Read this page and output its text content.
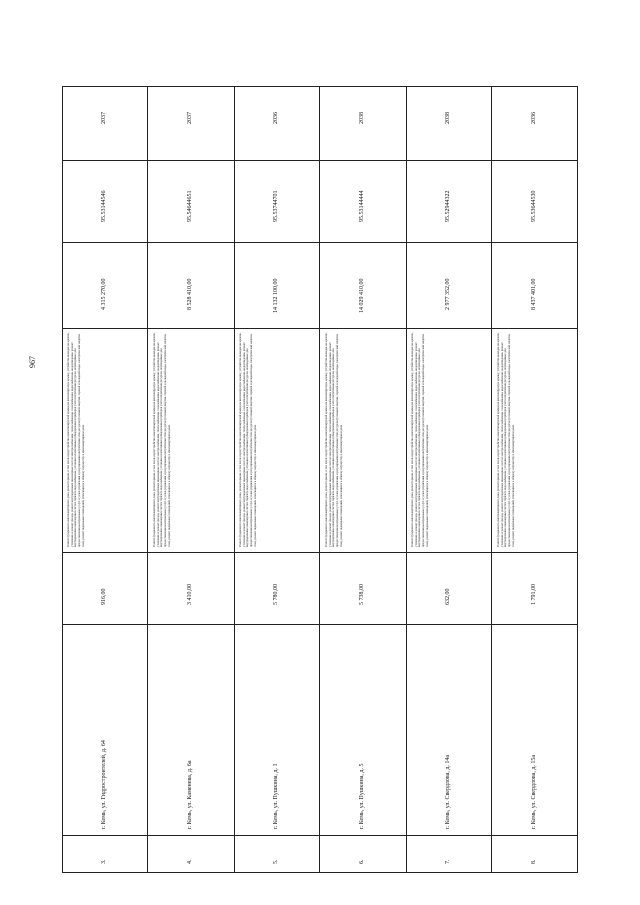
967
2037
95.53144546
4 315 270,00
Ремонт фундамента многоквартирного дома, ремонт крыши, в том числе переустройство невентилируемой крыши на вентилируемую крышу, устройство выходов на кровлю, утепление и ремонт фасада, ремонт внутридомовых инженерных систем электроснабжения, теплоснабжения, газоснабжения, водоснабжения, водоотведения, ремонт внутридомовых инженерных систем горячего водоснабжения, установка коллективных (общедомовых) приборов учета потребления ресурсов, необходимых для предоставления коммунальных услуг, и узлов управления и регулирования потребления этих ресурсов (тепловой энергии, горячей и холодной воды, электрической энергии, газа), ремонт подвальных помещений, относящихся к общему имуществу в многоквартирном доме
916,00
г. Кемь, ул. Гидростроителей, д. 64
3.
2037
95.54644651
8 528 410,00
Ремонт фундамента многоквартирного дома, ремонт крыши, в том числе переустройство невентилируемой крыши на вентилируемую крышу, устройство выходов на кровлю, утепление и ремонт фасада, ремонт внутридомовых инженерных систем электроснабжения, теплоснабжения, газоснабжения, водоснабжения, водоотведения, ремонт внутридомовых инженерных систем горячего водоснабжения, установка коллективных (общедомовых) приборов учета потребления ресурсов, необходимых для предоставления коммунальных услуг, и узлов управления и регулирования потребления этих ресурсов (тепловой энергии, горячей и холодной воды, электрической энергии, газа), ремонт подвальных помещений, относящихся к общему имуществу в многоквартирном доме
3 410,00
г. Кемь, ул. Каменева, д. 6а
4.
2036
95.53744701
14 132 100,00
Ремонт фундамента многоквартирного дома, ремонт крыши, в том числе переустройство невентилируемой крыши на вентилируемую крышу, устройство выходов на кровлю, утепление и ремонт фасада, ремонт внутридомовых инженерных систем электроснабжения, теплоснабжения, газоснабжения, водоснабжения, водоотведения, ремонт внутридомовых инженерных систем горячего водоснабжения, установка коллективных (общедомовых) приборов учета потребления ресурсов, необходимых для предоставления коммунальных услуг, и узлов управления и регулирования потребления этих ресурсов (тепловой энергии, горячей и холодной воды, электрической энергии, газа), ремонт подвальных помещений, относящихся к общему имуществу в многоквартирном доме
5 780,00
г. Кемь, ул. Пушкина, д. 1
5.
2038
95.53144444
14 029 410,00
Ремонт фундамента многоквартирного дома, ремонт крыши, в том числе переустройство невентилируемой крыши на вентилируемую крышу, устройство выходов на кровлю, утепление и ремонт фасада, ремонт внутридомовых инженерных систем электроснабжения, теплоснабжения, газоснабжения, водоснабжения, водоотведения, ремонт внутридомовых инженерных систем горячего водоснабжения, установка коллективных (общедомовых) приборов учета потребления ресурсов, необходимых для предоставления коммунальных услуг, и узлов управления и регулирования потребления этих ресурсов (тепловой энергии, горячей и холодной воды, электрической энергии, газа), ремонт подвальных помещений, относящихся к общему имуществу в многоквартирном доме
5 738,00
г. Кемь, ул. Пушкина, д. 5
6.
2038
95.52944322
2 977 352,00
Ремонт фундамента многоквартирного дома, ремонт крыши, в том числе переустройство невентилируемой крыши на вентилируемую крышу, устройство выходов на кровлю, утепление и ремонт фасада, ремонт внутридомовых инженерных систем электроснабжения, теплоснабжения, газоснабжения, водоснабжения, водоотведения, ремонт внутридомовых инженерных систем горячего водоснабжения, установка коллективных (общедомовых) приборов учета потребления ресурсов, необходимых для предоставления коммунальных услуг, и узлов управления и регулирования потребления этих ресурсов (тепловой энергии, горячей и холодной воды, электрической энергии, газа), ремонт подвальных помещений, относящихся к общему имуществу в многоквартирном доме
632,00
г. Кемь, ул. Свердлова, д. 14а
7.
2036
95.53644530
8 437 401,00
Ремонт фундамента многоквартирного дома, ремонт крыши, в том числе переустройство невентилируемой крыши на вентилируемую крышу, устройство выходов на кровлю, утепление и ремонт фасада, ремонт внутридомовых инженерных систем электроснабжения, теплоснабжения, газоснабжения, водоснабжения, водоотведения, ремонт внутридомовых инженерных систем горячего водоснабжения, установка коллективных (общедомовых) приборов учета потребления ресурсов, необходимых для предоставления коммунальных услуг, и узлов управления и регулирования потребления этих ресурсов (тепловой энергии, горячей и холодной воды, электрической энергии, газа), ремонт подвальных помещений, относящихся к общему имуществу в многоквартирном доме
1 791,00
г. Кемь, ул. Свердлова, д. 15а
8.
